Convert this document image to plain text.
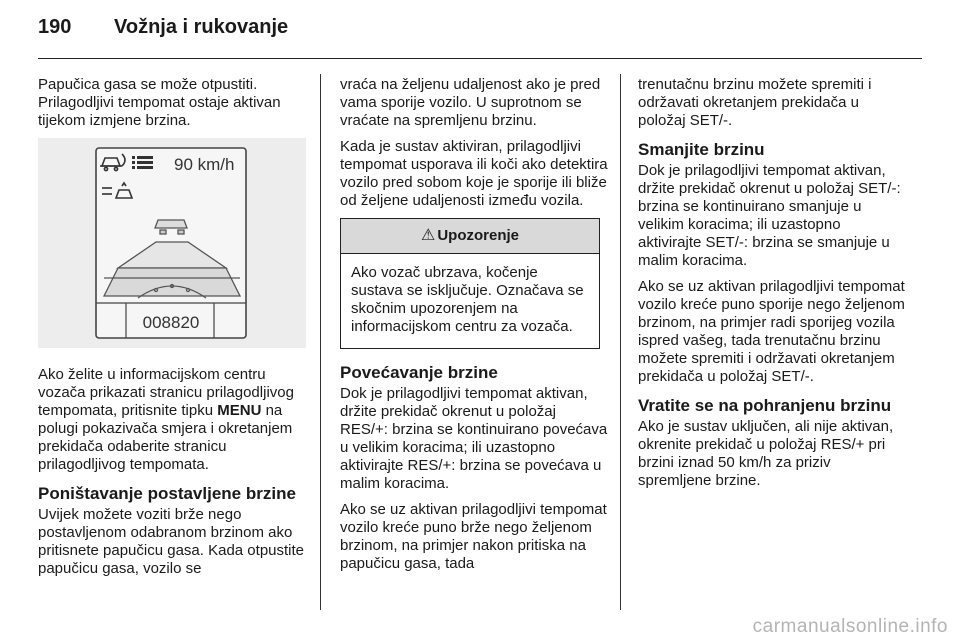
190	Vožnja i rukovanje

Papučica gasa se može otpustiti. Prilagodljivi tempomat ostaje aktivan tijekom izmjene brzina.

90 km/h
008820

Ako želite u informacijskom centru vozača prikazati stranicu prilagodljivog tempomata, pritisnite tipku MENU na polugi pokazivača smjera i okretanjem prekidača odaberite stranicu prilagodljivog tempomata.

Poništavanje postavljene brzine

Uvijek možete voziti brže nego postavljenom odabranom brzinom ako pritisnete papučicu gasa. Kada otpustite papučicu gasa, vozilo se

vraća na željenu udaljenost ako je pred vama sporije vozilo. U suprotnom se vraćate na spremljenu brzinu.

Kada je sustav aktiviran, prilagodljivi tempomat usporava ili koči ako detektira vozilo pred sobom koje je sporije ili bliže od željene udaljenosti između vozila.

⚠ Upozorenje
Ako vozač ubrzava, kočenje sustava se isključuje. Označava se skočnim upozorenjem na informacijskom centru za vozača.
Povećavanje brzine

Dok je prilagodljivi tempomat aktivan, držite prekidač okrenut u položaj RES/+: brzina se kontinuirano povećava u velikim koracima; ili uzastopno aktivirajte RES/+: brzina se povećava u malim koracima.

Ako se uz aktivan prilagodljivi tempomat vozilo kreće puno brže nego željenom brzinom, na primjer nakon pritiska na papučicu gasa, tada

trenutačnu brzinu možete spremiti i održavati okretanjem prekidača u položaj SET/-.

Smanjite brzinu

Dok je prilagodljivi tempomat aktivan, držite prekidač okrenut u položaj SET/-: brzina se kontinuirano smanjuje u velikim koracima; ili uzastopno aktivirajte SET/-: brzina se smanjuje u malim koracima.

Ako se uz aktivan prilagodljivi tempomat vozilo kreće puno sporije nego željenom brzinom, na primjer radi sporijeg vozila ispred vašeg, tada trenutačnu brzinu možete spremiti i održavati okretanjem prekidača u položaj SET/-.

Vratite se na pohranjenu brzinu

Ako je sustav uključen, ali nije aktivan, okrenite prekidač u položaj RES/+ pri brzini iznad 50 km/h za priziv spremljene brzine.

carmanualsonline.info
